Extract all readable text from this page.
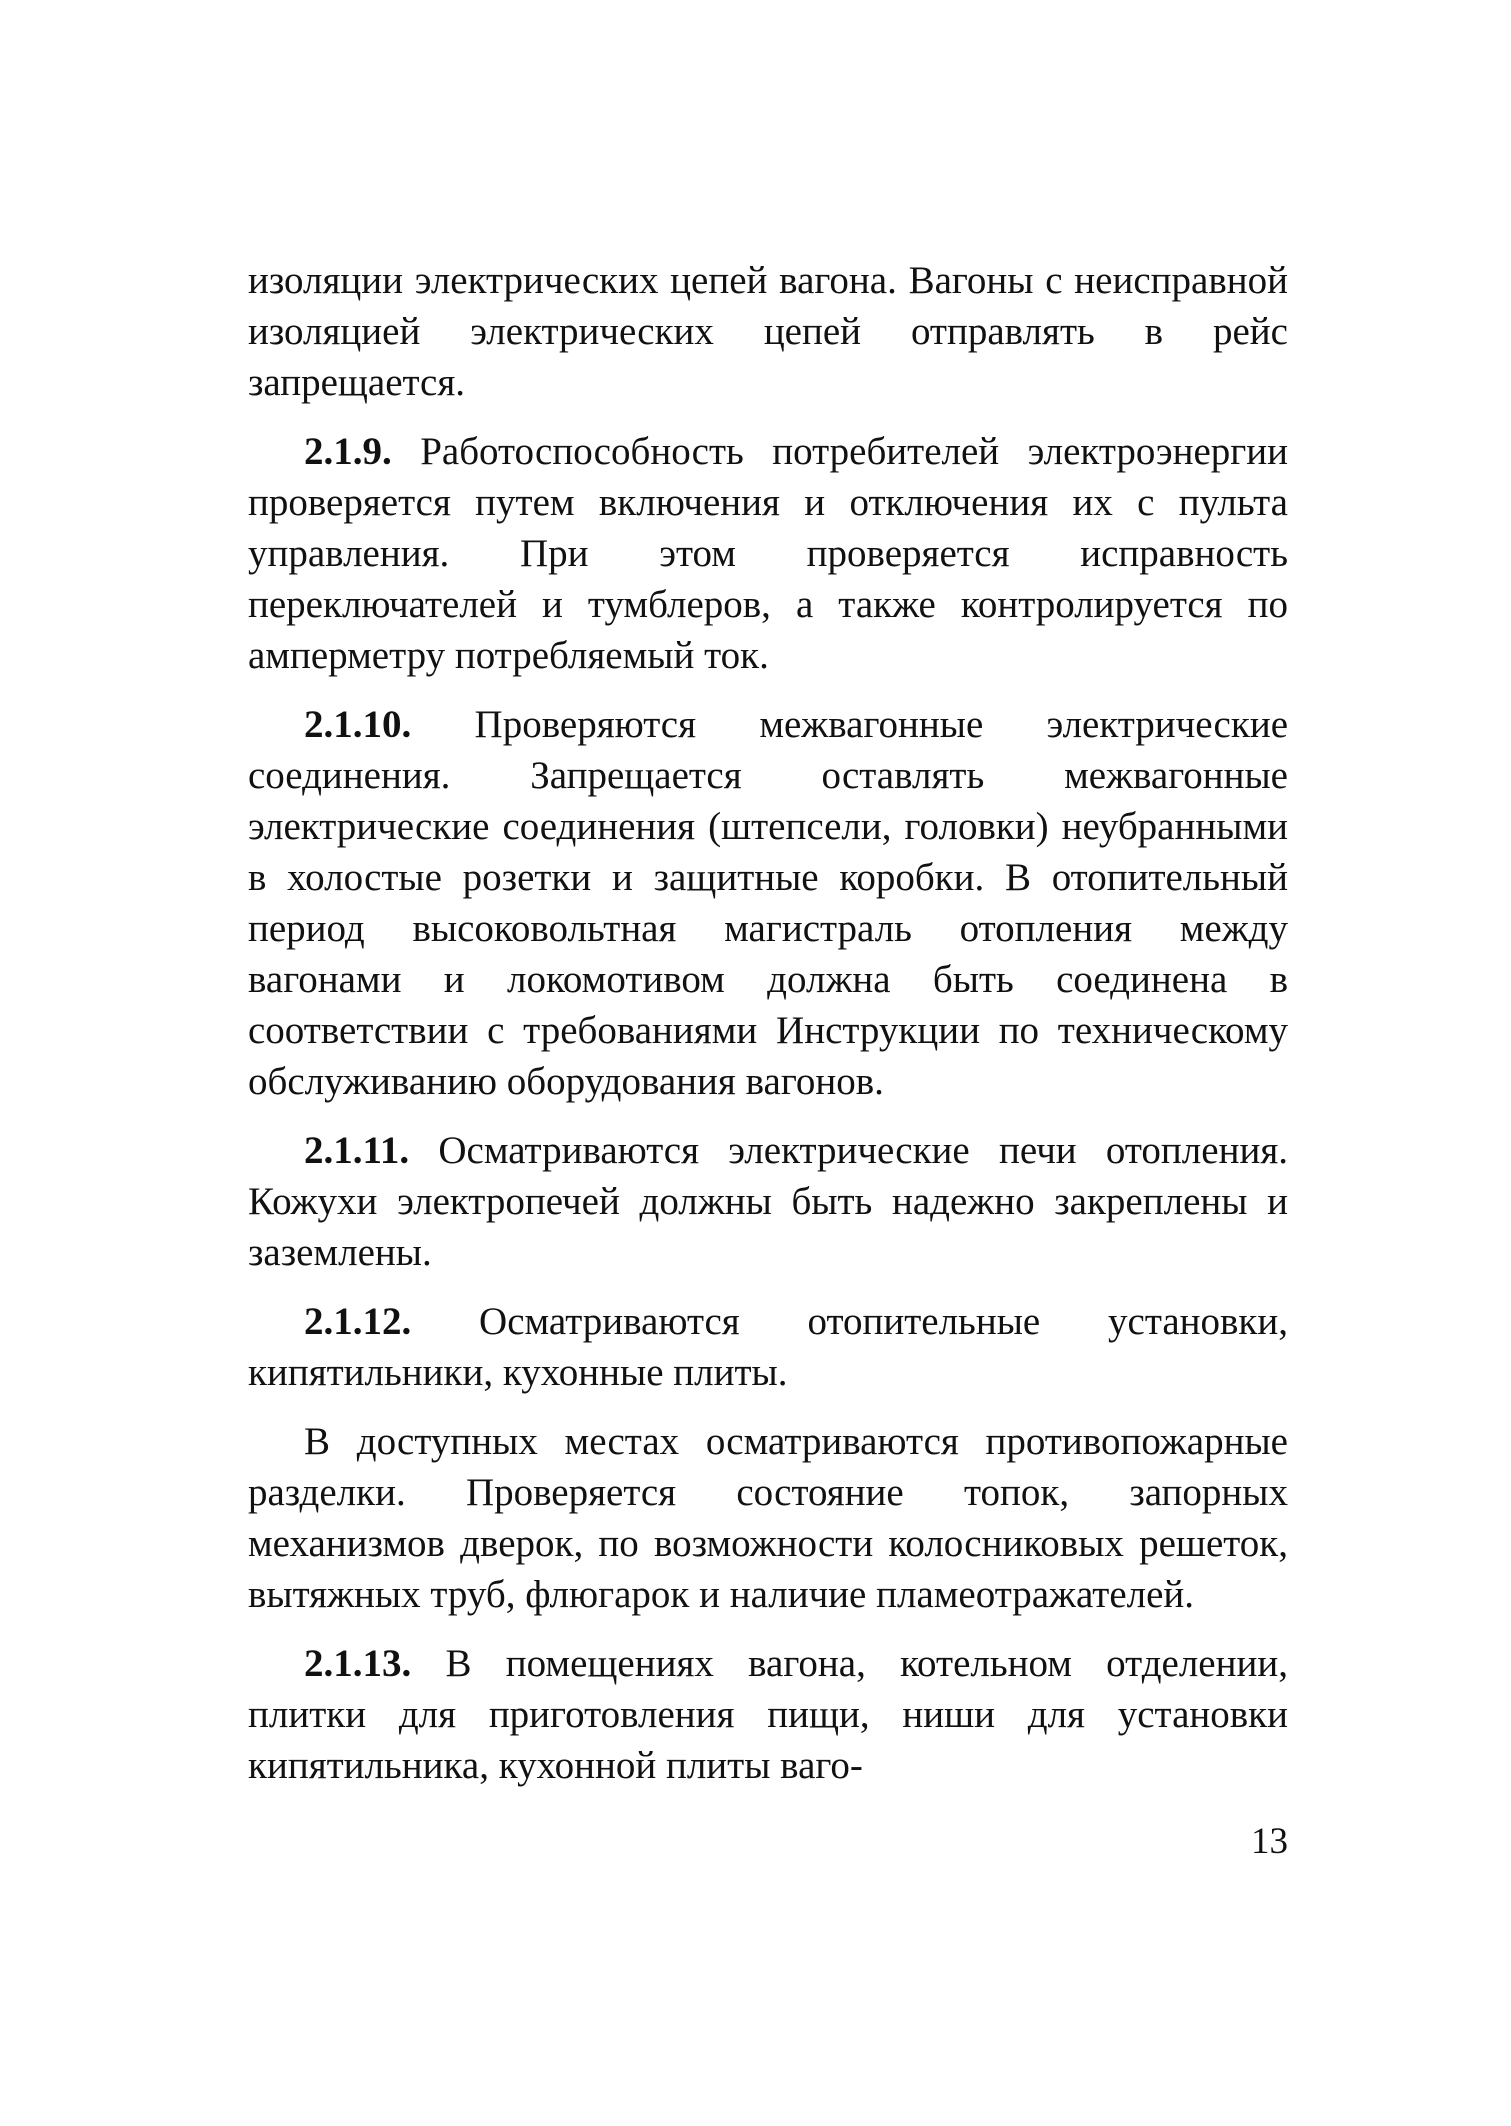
изоляции электрических цепей вагона. Вагоны с неисправной изоляцией электрических цепей отправлять в рейс запрещается.

2.1.9. Работоспособность потребителей электроэнергии проверяется путем включения и отключения их с пульта управления. При этом проверяется исправность переключателей и тумблеров, а также контролируется по амперметру потребляемый ток.

2.1.10. Проверяются межвагонные электрические соединения. Запрещается оставлять межвагонные электрические соединения (штепсели, головки) неубранными в холостые розетки и защитные коробки. В отопительный период высоковольтная магистраль отопления между вагонами и локомотивом должна быть соединена в соответствии с требованиями Инструкции по техническому обслуживанию оборудования вагонов.

2.1.11. Осматриваются электрические печи отопления. Кожухи электропечей должны быть надежно закреплены и заземлены.

2.1.12. Осматриваются отопительные установки, кипятильники, кухонные плиты.

В доступных местах осматриваются противопожарные разделки. Проверяется состояние топок, запорных механизмов дверок, по возможности колосниковых решеток, вытяжных труб, флюгарок и наличие пламеотражателей.

2.1.13. В помещениях вагона, котельном отделении, плитки для приготовления пищи, ниши для установки кипятильника, кухонной плиты ваго-

13
